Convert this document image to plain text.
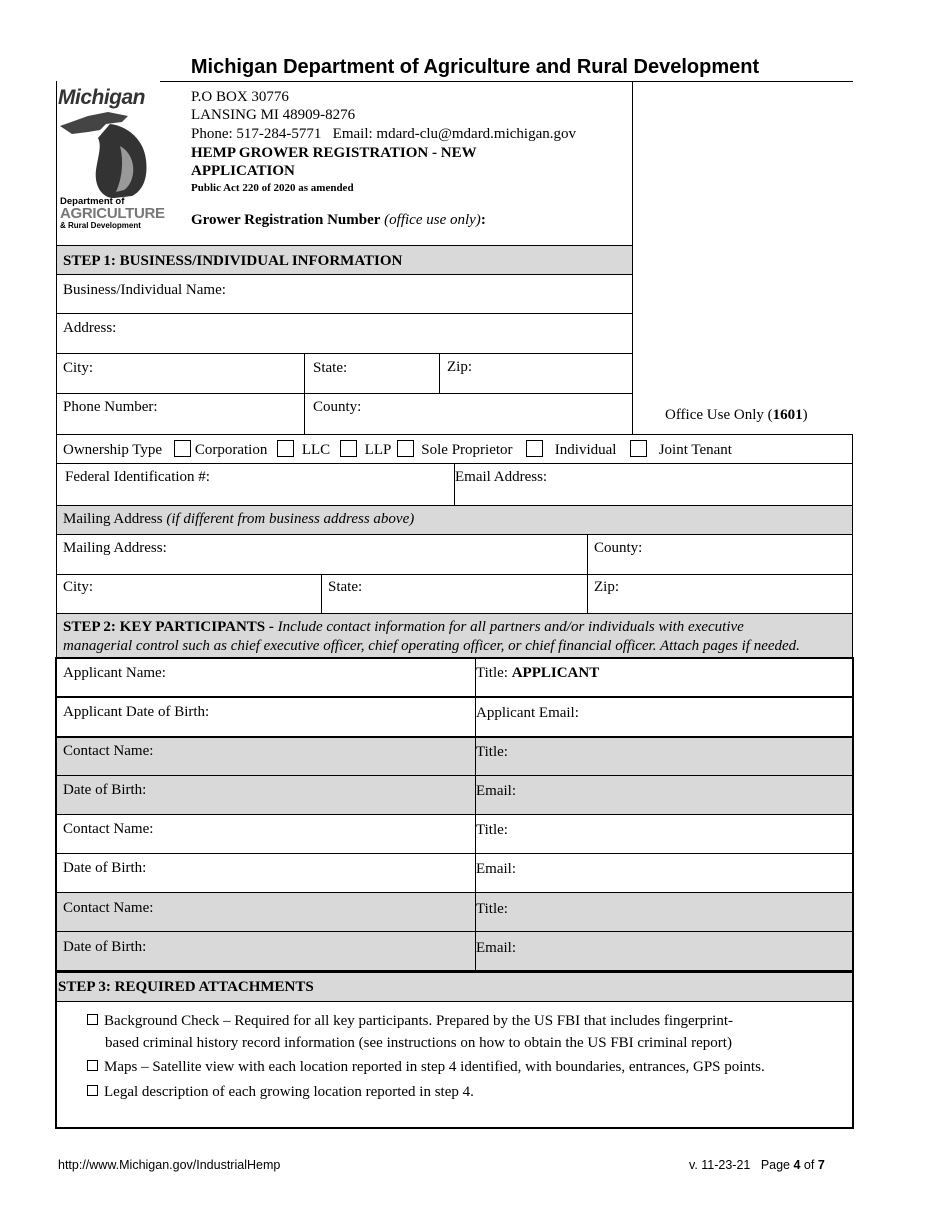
Michigan Department of Agriculture and Rural Development
Michigan
Department of
AGRICULTURE
& Rural Development
P.O BOX 30776
LANSING MI 48909-8276
Phone: 517-284-5771 Email: mdard-clu@mdard.michigan.gov
HEMP GROWER REGISTRATION - NEW
APPLICATION
Public Act 220 of 2020 as amended
Grower Registration Number (office use only):
STEP 1: BUSINESS/INDIVIDUAL INFORMATION
Business/Individual Name:
Address:
City:	State:	Zip:
Phone Number:	County:	Office Use Only (1601)
Ownership Type Corporation LLC LLP Sole Proprietor	Individual	Joint Tenant
Federal Identification #:	Email Address:
Mailing Address (if different from business address above)
Mailing Address:	County:
City:	State:	Zip:
STEP 2: KEY PARTICIPANTS - Include contact information for all partners and/or individuals with executive
managerial control such as chief executive officer, chief operating officer, or chief financial officer. Attach pages if needed.
Applicant Name:	Title: APPLICANT
Applicant Date of Birth:	Applicant Email:
Contact Name:	Title:
Date of Birth:	Email:
Contact Name:	Title:
Date of Birth:	Email:
Contact Name:	Title:
Date of Birth:	Email:
STEP 3: REQUIRED ATTACHMENTS
Background Check – Required for all key participants. Prepared by the US FBI that includes fingerprint-
based criminal history record information (see instructions on how to obtain the US FBI criminal report)
Maps – Satellite view with each location reported in step 4 identified, with boundaries, entrances, GPS points.
Legal description of each growing location reported in step 4.
http://www.Michigan.gov/IndustrialHemp	v. 11-23-21 Page 4 of 7
